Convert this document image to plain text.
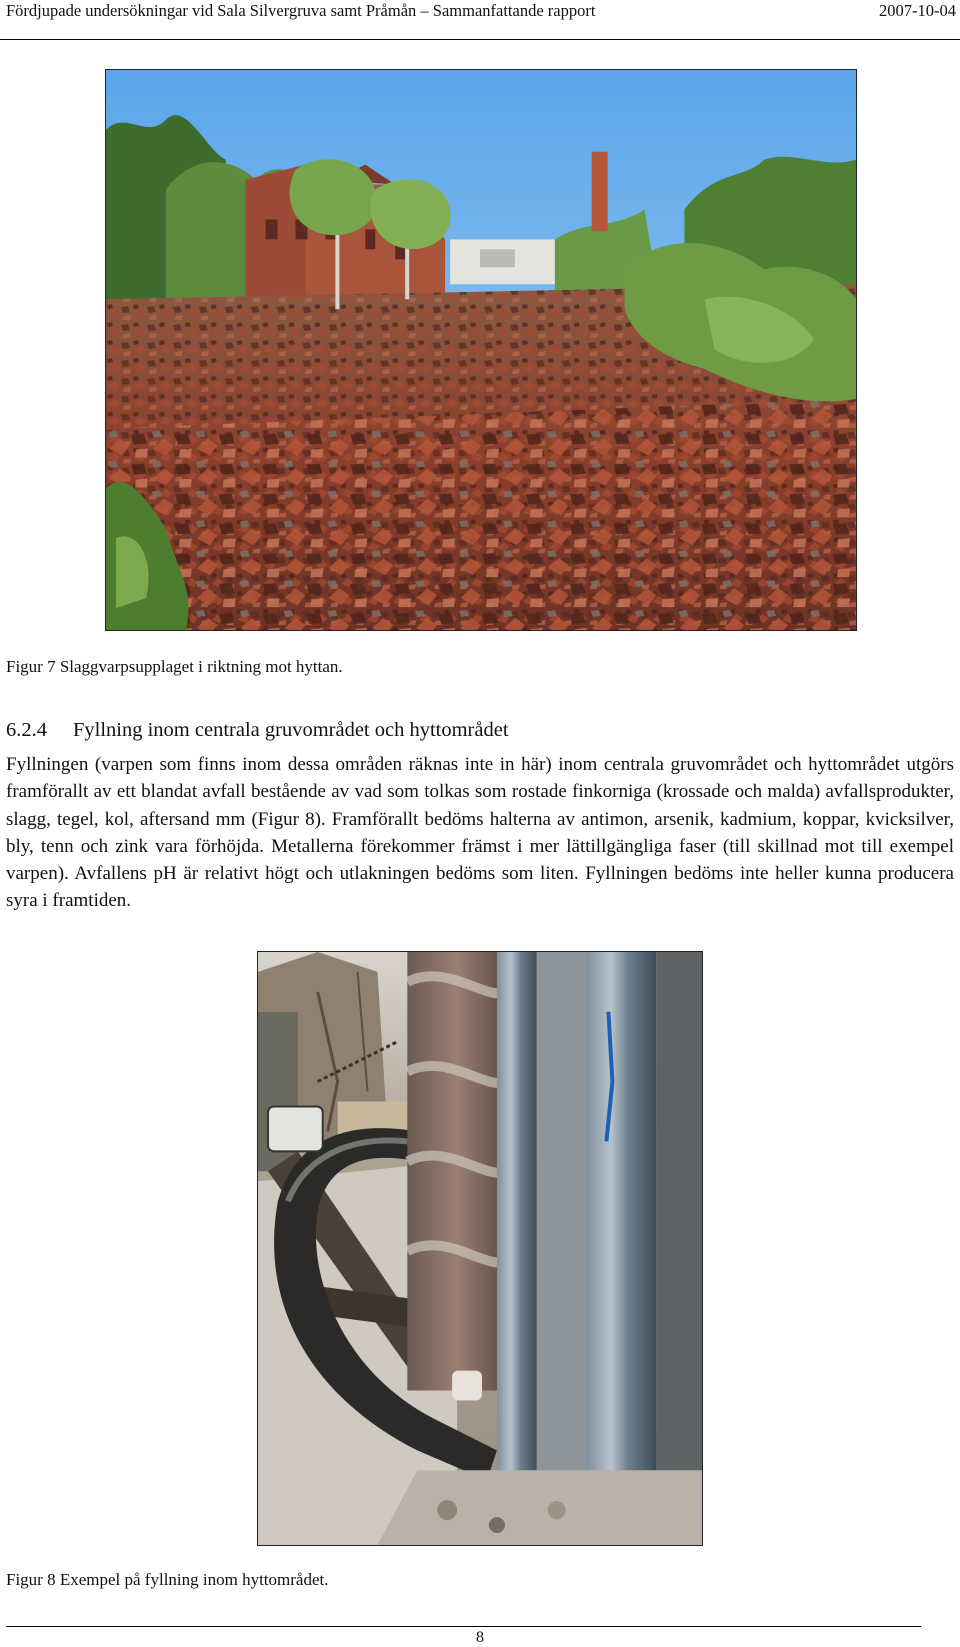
Fördjupade undersökningar vid Sala Silvergruva samt Pråmån – Sammanfattande rapport	2007-10-04
Figur 7 Slaggvarpsupplaget i riktning mot hyttan.
6.2.4 Fyllning inom centrala gruvområdet och hyttområdet
Fyllningen (varpen som finns inom dessa områden räknas inte in här) inom centrala gruvområdet och hyttområdet utgörs framförallt av ett blandat avfall bestående av vad som tolkas som rostade finkorniga (krossade och malda) avfallsprodukter, slagg, tegel, kol, aftersand mm (Figur 8). Framförallt bedöms halterna av antimon, arsenik, kadmium, koppar, kvicksilver, bly, tenn och zink vara förhöjda. Metallerna förekommer främst i mer lättillgängliga faser (till skillnad mot till exempel varpen). Avfallens pH är relativt högt och utlakningen bedöms som liten. Fyllningen bedöms inte heller kunna producera syra i framtiden.
Figur 8 Exempel på fyllning inom hyttområdet.
8
